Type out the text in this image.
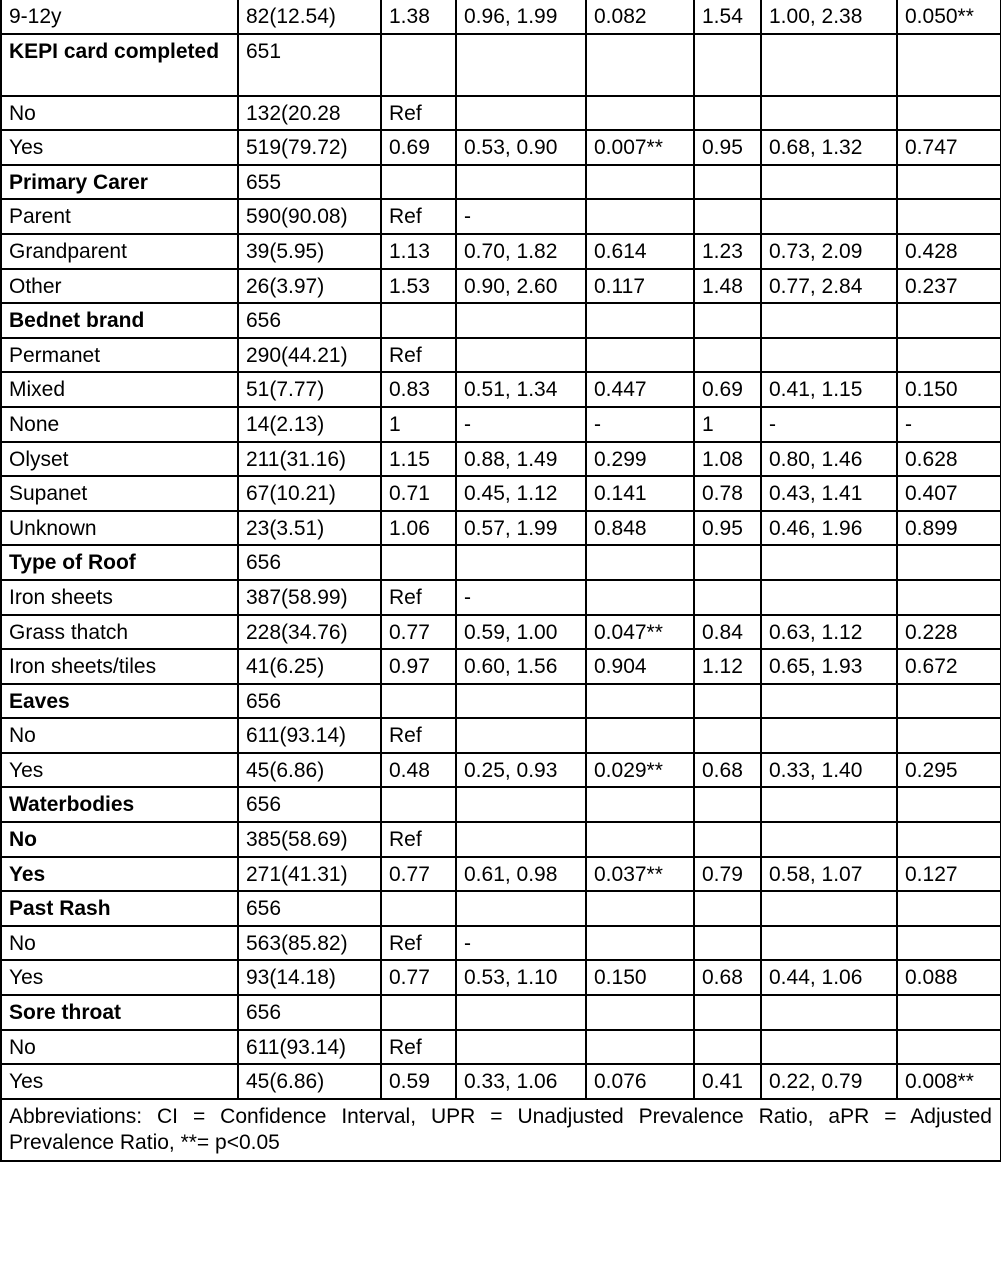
9-12y	82(12.54)	1.38	0.96, 1.99	0.082	1.54	1.00, 2.38	0.050**
KEPI card completed	651						
No	132(20.28	Ref					
Yes	519(79.72)	0.69	0.53, 0.90	0.007**	0.95	0.68, 1.32	0.747
Primary Carer	655						
Parent	590(90.08)	Ref	-				
Grandparent	39(5.95)	1.13	0.70, 1.82	0.614	1.23	0.73, 2.09	0.428
Other	26(3.97)	1.53	0.90, 2.60	0.117	1.48	0.77, 2.84	0.237
Bednet brand	656						
Permanet	290(44.21)	Ref					
Mixed	51(7.77)	0.83	0.51, 1.34	0.447	0.69	0.41, 1.15	0.150
None	14(2.13)	1	-	-	1	-	-
Olyset	211(31.16)	1.15	0.88, 1.49	0.299	1.08	0.80, 1.46	0.628
Supanet	67(10.21)	0.71	0.45, 1.12	0.141	0.78	0.43, 1.41	0.407
Unknown	23(3.51)	1.06	0.57, 1.99	0.848	0.95	0.46, 1.96	0.899
Type of Roof	656						
Iron sheets	387(58.99)	Ref	-				
Grass thatch	228(34.76)	0.77	0.59, 1.00	0.047**	0.84	0.63, 1.12	0.228
Iron sheets/tiles	41(6.25)	0.97	0.60, 1.56	0.904	1.12	0.65, 1.93	0.672
Eaves	656						
No	611(93.14)	Ref					
Yes	45(6.86)	0.48	0.25, 0.93	0.029**	0.68	0.33, 1.40	0.295
Waterbodies	656						
No	385(58.69)	Ref					
Yes	271(41.31)	0.77	0.61, 0.98	0.037**	0.79	0.58, 1.07	0.127
Past Rash	656						
No	563(85.82)	Ref	-				
Yes	93(14.18)	0.77	0.53, 1.10	0.150	0.68	0.44, 1.06	0.088
Sore throat	656						
No	611(93.14)	Ref					
Yes	45(6.86)	0.59	0.33, 1.06	0.076	0.41	0.22, 0.79	0.008**
Abbreviations: CI = Confidence Interval, UPR = Unadjusted Prevalence Ratio, aPR = Adjusted Prevalence Ratio, **= p<0.05							
